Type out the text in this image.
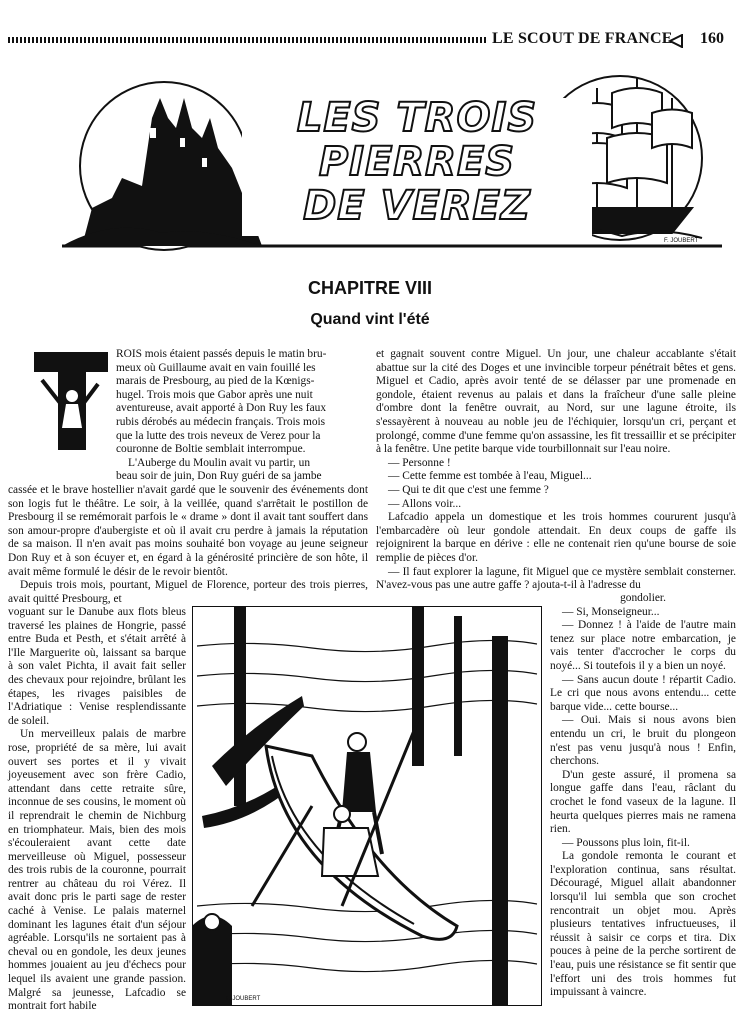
LE SCOUT DE FRANCE 160
LES TROIS
PIERRES
DE VEREZ
F. JOUBERT
CHAPITRE VIII
Quand vint l'été

ROIS mois étaient passés depuis le matin bru-

meux où Guillaume avait en vain fouillé les

marais de Presbourg, au pied de la Kœnigs-

hugel. Trois mois que Gabor après une nuit

aventureuse, avait apporté à Don Ruy les faux

rubis dérobés au médecin français. Trois mois

que la lutte des trois neveux de Verez pour la

couronne de Boltie semblait interrompue.

L'Auberge du Moulin avait vu partir, un

beau soir de juin, Don Ruy guéri de sa jambe

cassée et le brave hostellier n'avait gardé que le souvenir des événements dont son logis fut le théâtre. Le soir, à la veillée, quand s'arrêtait le postillon de Presbourg il se remémorait parfois le « drame » dont il avait tant souffert dans son amour-propre d'aubergiste et où il avait cru perdre à jamais la réputation de sa maison. Il n'en avait pas moins souhaité bon voyage au jeune seigneur Don Ruy et à son écuyer et, en égard à la générosité princière de son hôte, il avait même formulé le désir de le revoir bientôt.

Depuis trois mois, pourtant, Miguel de Florence, porteur des trois pierres, avait quitté Presbourg, et

voguant sur le Danube aux flots bleus traversé les plaines de Hongrie, passé entre Buda et Pesth, et s'était arrêté à l'Ile Marguerite où, laissant sa barque à son valet Pichta, il avait fait seller des chevaux pour rejoindre, brûlant les étapes, les rivages paisibles de l'Adriatique : Venise resplendissante de soleil.

Un merveilleux palais de marbre rose, propriété de sa mère, lui avait ouvert ses portes et il y vivait joyeusement avec son frère Cadio, attendant dans cette retraite sûre, inconnue de ses cousins, le moment où il reprendrait le chemin de Nichburg en triomphateur. Mais, bien des mois s'écouleraient avant cette date merveilleuse où Miguel, possesseur des trois rubis de la couronne, pourrait rentrer au château du roi Vérez. Il avait donc pris le parti sage de rester caché à Venise. Le palais maternel dominant les lagunes était d'un séjour agréable. Lorsqu'ils ne sortaient pas à cheval ou en gondole, les deux jeunes hommes jouaient au jeu d'échecs pour lequel ils avaient une grande passion. Malgré sa jeunesse, Lafcadio se montrait fort habile

et gagnait souvent contre Miguel. Un jour, une chaleur accablante s'était abattue sur la cité des Doges et une invincible torpeur pénétrait bêtes et gens. Miguel et Cadio, après avoir tenté de se délasser par une promenade en gondole, étaient revenus au palais et dans la fraîcheur d'une salle pleine d'ombre dont la fenêtre ouvrait, au Nord, sur une lagune étroite, ils s'essayèrent à nouveau au noble jeu de l'échiquier, lorsqu'un cri, perçant et prolongé, comme d'une femme qu'on assassine, les fit tressaillir et se précipiter à la fenêtre. Une petite barque vide tourbillonnait sur l'eau noire.

— Personne !

— Cette femme est tombée à l'eau, Miguel...

— Qui te dit que c'est une femme ?

— Allons voir...

Lafcadio appela un domestique et les trois hommes coururent jusqu'à l'embarcadère où leur gondole attendait. En deux coups de gaffe ils rejoignirent la barque en dérive : elle ne contenait rien qu'une bourse de soie remplie de pièces d'or.

— Il faut explorer la lagune, fit Miguel que ce mystère semblait consterner. N'avez-vous pas une autre gaffe ? ajouta-t-il à l'adresse du

gondolier.

— Si, Monseigneur...

— Donnez ! à l'aide de l'autre main tenez sur place notre embarcation, je vais tenter d'accrocher le corps du noyé... Si toutefois il y a bien un noyé.

— Sans aucun doute ! répartit Cadio. Le cri que nous avons entendu... cette barque vide... cette bourse...

— Oui. Mais si nous avons bien entendu un cri, le bruit du plongeon n'est pas venu jusqu'à nous ! Enfin, cherchons.

D'un geste assuré, il promena sa longue gaffe dans l'eau, râclant du crochet le fond vaseux de la lagune. Il heurta quelques pierres mais ne ramena rien.

— Poussons plus loin, fit-il.

La gondole remonta le courant et l'exploration continua, sans résultat. Découragé, Miguel allait abandonner lorsqu'il lui sembla que son crochet rencontrait un objet mou. Après plusieurs tentatives infructueuses, il réussit à saisir ce corps et tira. Dix pouces à peine de la perche sortirent de l'eau, puis une résistance se fit sentir que l'effort uni des trois hommes fut impuissant à vaincre.

F. JOUBERT
